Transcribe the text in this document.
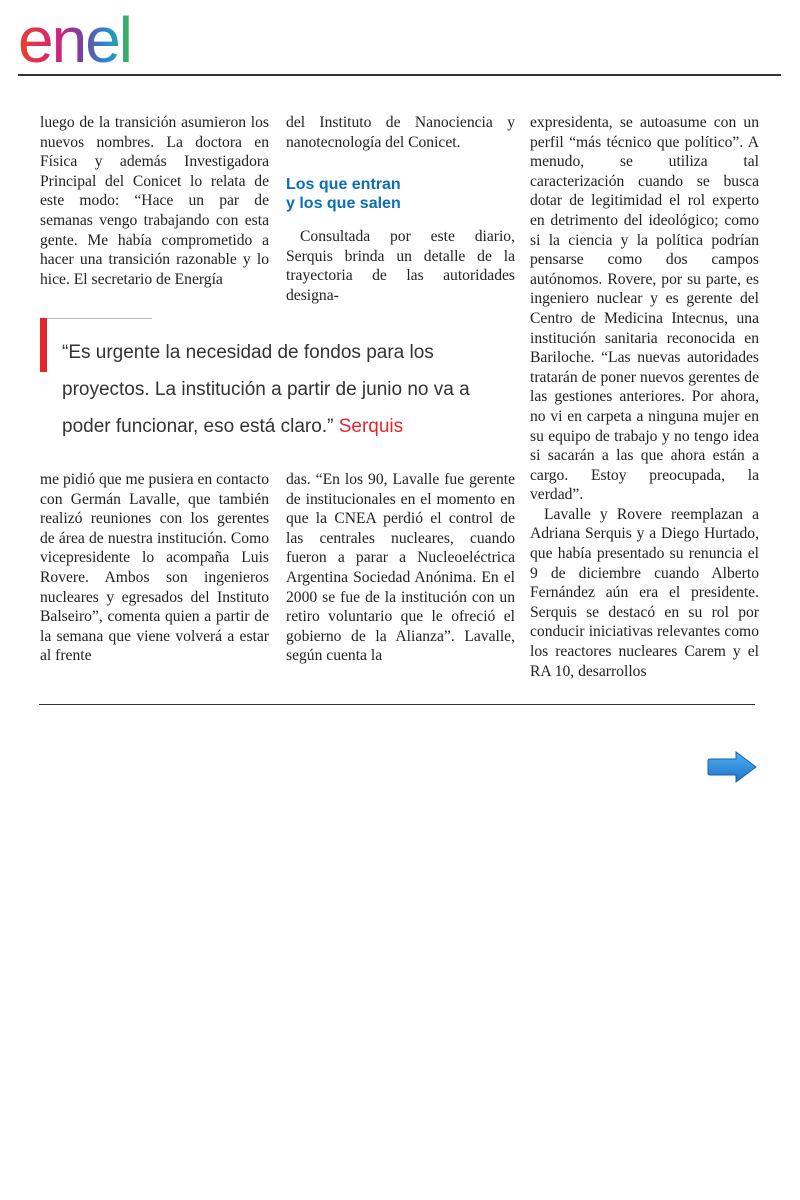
enel

luego de la transición asumieron los nuevos nombres. La doctora en Física y además Investigadora Principal del Conicet lo relata de este modo: “Hace un par de semanas vengo trabajando con esta gente. Me había comprometido a hacer una transición razonable y lo hice. El secretario de Energía

del Instituto de Nanociencia y nanotecnología del Conicet.

Los que entran
y los que salen

Consultada por este diario, Serquis brinda un detalle de la trayectoria de las autoridades designa-

expresidenta, se autoasume con un perfil “más técnico que político”. A menudo, se utiliza tal caracterización cuando se busca dotar de legitimidad el rol experto en detrimento del ideológico; como si la ciencia y la política podrían pensarse como dos campos autónomos. Rovere, por su parte, es ingeniero nuclear y es gerente del Centro de Medicina Intecnus, una institución sanitaria reconocida en Bariloche. “Las nuevas autoridades tratarán de poner nuevos gerentes de las gestiones anteriores. Por ahora, no vi en carpeta a ninguna mujer en su equipo de trabajo y no tengo idea si sacarán a las que ahora están a cargo. Estoy preocupada, la verdad”.

Lavalle y Rovere reemplazan a Adriana Serquis y a Diego Hurtado, que había presentado su renuncia el 9 de diciembre cuando Alberto Fernández aún era el presidente. Serquis se destacó en su rol por conducir iniciativas relevantes como los reactores nucleares Carem y el RA 10, desarrollos

“Es urgente la necesidad de fondos para los proyectos. La institución a partir de junio no va a poder funcionar, eso está claro.” Serquis

me pidió que me pusiera en contacto con Germán Lavalle, que también realizó reuniones con los gerentes de área de nuestra institución. Como vicepresidente lo acompaña Luis Rovere. Ambos son ingenieros nucleares y egresados del Instituto Balseiro”, comenta quien a partir de la semana que viene volverá a estar al frente

das. “En los 90, Lavalle fue gerente de institucionales en el momento en que la CNEA perdió el control de las centrales nucleares, cuando fueron a parar a Nucleoeléctrica Argentina Sociedad Anónima. En el 2000 se fue de la institución con un retiro voluntario que le ofreció el gobierno de la Alianza”. Lavalle, según cuenta la
